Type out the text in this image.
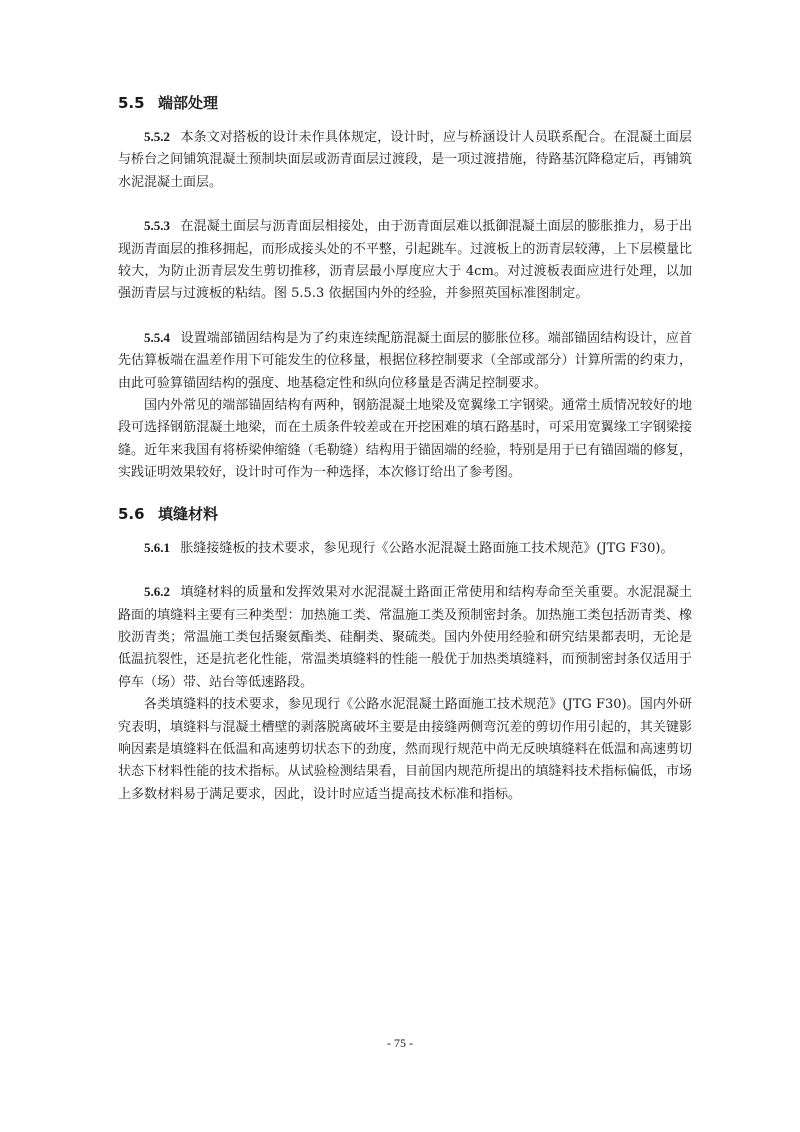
5.5 端部处理

5.5.2 本条文对搭板的设计未作具体规定，设计时，应与桥涵设计人员联系配合。在混凝土面层与桥台之间铺筑混凝土预制块面层或沥青面层过渡段，是一项过渡措施，待路基沉降稳定后，再铺筑水泥混凝土面层。

5.5.3 在混凝土面层与沥青面层相接处，由于沥青面层难以抵御混凝土面层的膨胀推力，易于出现沥青面层的推移拥起，而形成接头处的不平整，引起跳车。过渡板上的沥青层较薄，上下层模量比较大，为防止沥青层发生剪切推移，沥青层最小厚度应大于 4cm。对过渡板表面应进行处理，以加强沥青层与过渡板的粘结。图 5.5.3 依据国内外的经验，并参照英国标准图制定。

5.5.4 设置端部锚固结构是为了约束连续配筋混凝土面层的膨胀位移。端部锚固结构设计，应首先估算板端在温差作用下可能发生的位移量，根据位移控制要求（全部或部分）计算所需的约束力，由此可验算锚固结构的强度、地基稳定性和纵向位移量是否满足控制要求。

国内外常见的端部锚固结构有两种，钢筋混凝土地梁及宽翼缘工字钢梁。通常土质情况较好的地段可选择钢筋混凝土地梁，而在土质条件较差或在开挖困难的填石路基时，可采用宽翼缘工字钢梁接缝。近年来我国有将桥梁伸缩缝（毛勒缝）结构用于锚固端的经验，特别是用于已有锚固端的修复，实践证明效果较好，设计时可作为一种选择，本次修订给出了参考图。

5.6 填缝材料

5.6.1 胀缝接缝板的技术要求，参见现行《公路水泥混凝土路面施工技术规范》(JTG F30)。

5.6.2 填缝材料的质量和发挥效果对水泥混凝土路面正常使用和结构寿命至关重要。水泥混凝土路面的填缝料主要有三种类型：加热施工类、常温施工类及预制密封条。加热施工类包括沥青类、橡胶沥青类；常温施工类包括聚氨酯类、硅酮类、聚硫类。国内外使用经验和研究结果都表明，无论是低温抗裂性，还是抗老化性能，常温类填缝料的性能一般优于加热类填缝料，而预制密封条仅适用于停车（场）带、站台等低速路段。

各类填缝料的技术要求，参见现行《公路水泥混凝土路面施工技术规范》(JTG F30)。国内外研究表明，填缝料与混凝土槽壁的剥落脱离破坏主要是由接缝两侧弯沉差的剪切作用引起的，其关键影响因素是填缝料在低温和高速剪切状态下的劲度，然而现行规范中尚无反映填缝料在低温和高速剪切状态下材料性能的技术指标。从试验检测结果看，目前国内规范所提出的填缝料技术指标偏低，市场上多数材料易于满足要求，因此，设计时应适当提高技术标准和指标。

- 75 -
